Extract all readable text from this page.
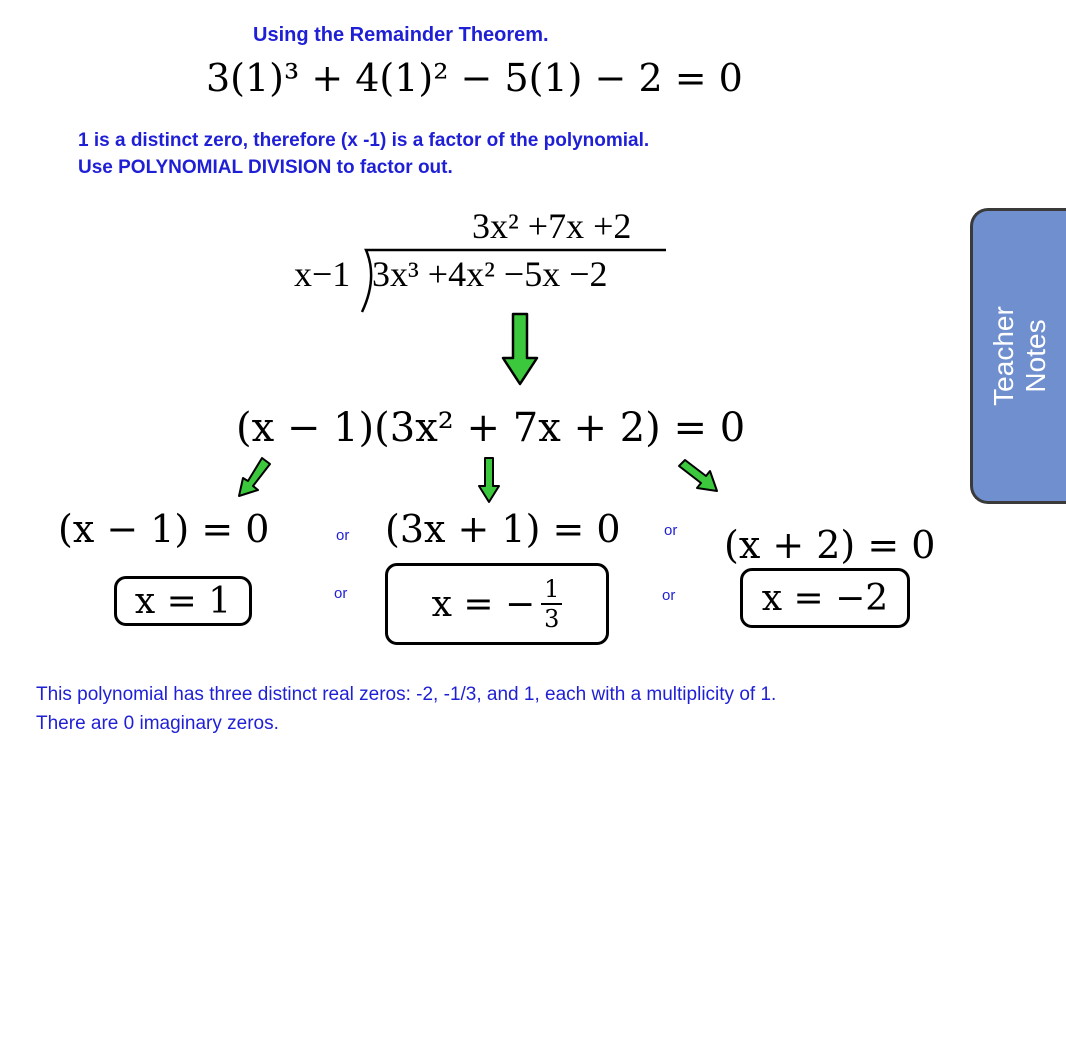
Using the Remainder Theorem.
3(1)³ + 4(1)² − 5(1) − 2 = 0
1 is a distinct zero, therefore (x -1) is a factor of the polynomial.
Use POLYNOMIAL DIVISION to factor out.
3x² +7x +2
x−1 3x³ +4x² −5x −2
(x − 1)(3x² + 7x + 2) = 0
(x − 1) = 0	(3x + 1) = 0	(x + 2) = 0
or	or
or	or
x = 1	x = − $\frac{1}{3}$	x = −2
This polynomial has three distinct real zeros: -2, -1/3, and 1, each with a multiplicity of 1.
There are 0 imaginary zeros.
Teacher Notes
